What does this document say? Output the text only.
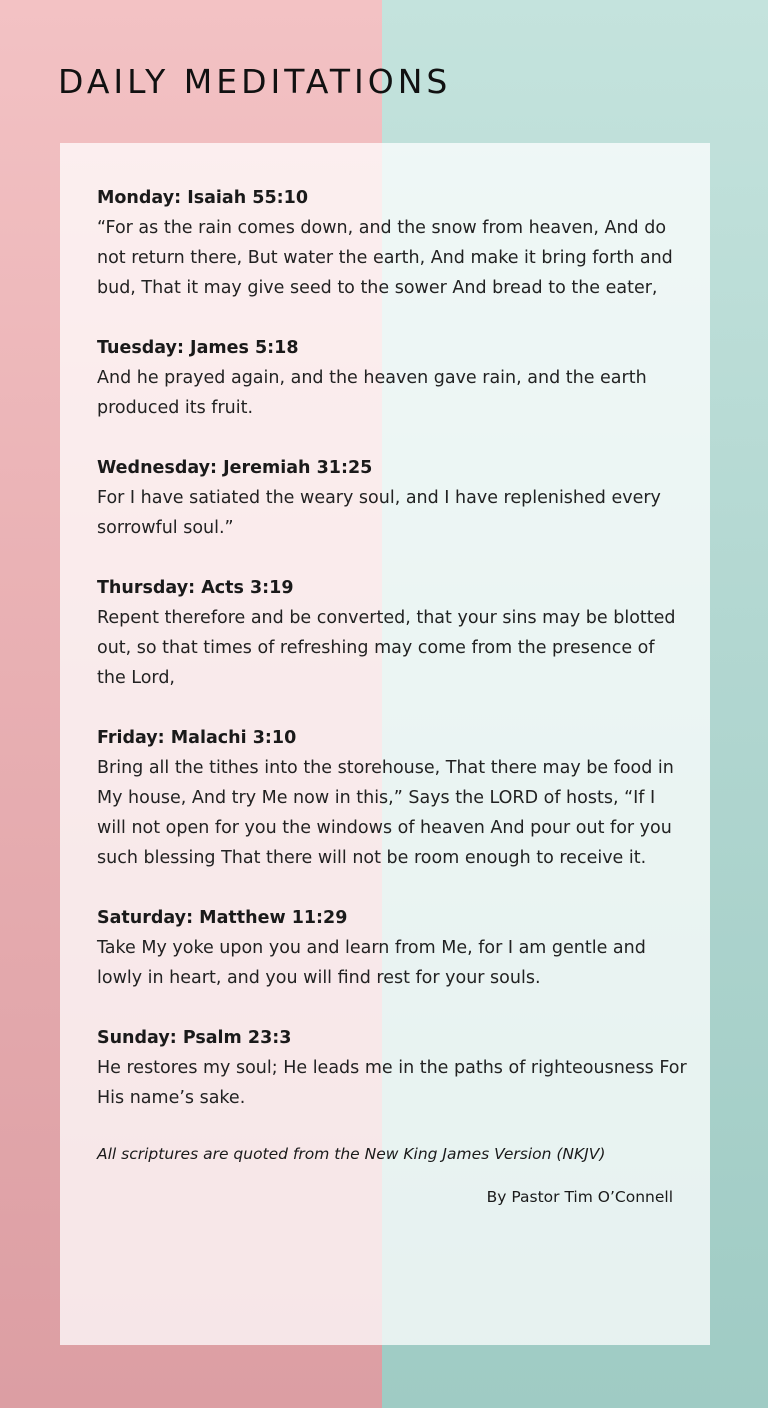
DAILY MEDITATIONS
Monday: Isaiah 55:10
“For as the rain comes down, and the snow from heaven, And do not return there, But water the earth, And make it bring forth and bud, That it may give seed to the sower And bread to the eater,
Tuesday: James 5:18
And he prayed again, and the heaven gave rain, and the earth produced its fruit.
Wednesday: Jeremiah 31:25
For I have satiated the weary soul, and I have replenished every sorrowful soul.”
Thursday: Acts 3:19
Repent therefore and be converted, that your sins may be blotted out, so that times of refreshing may come from the presence of the Lord,
Friday: Malachi 3:10
Bring all the tithes into the storehouse, That there may be food in My house, And try Me now in this,” Says the LORD of hosts, “If I will not open for you the windows of heaven And pour out for you such blessing That there will not be room enough to receive it.
Saturday: Matthew 11:29
Take My yoke upon you and learn from Me, for I am gentle and lowly in heart, and you will find rest for your souls.
Sunday: Psalm 23:3
He restores my soul; He leads me in the paths of righteousness For His name’s sake.
All scriptures are quoted from the New King James Version (NKJV)
By Pastor Tim O’Connell
